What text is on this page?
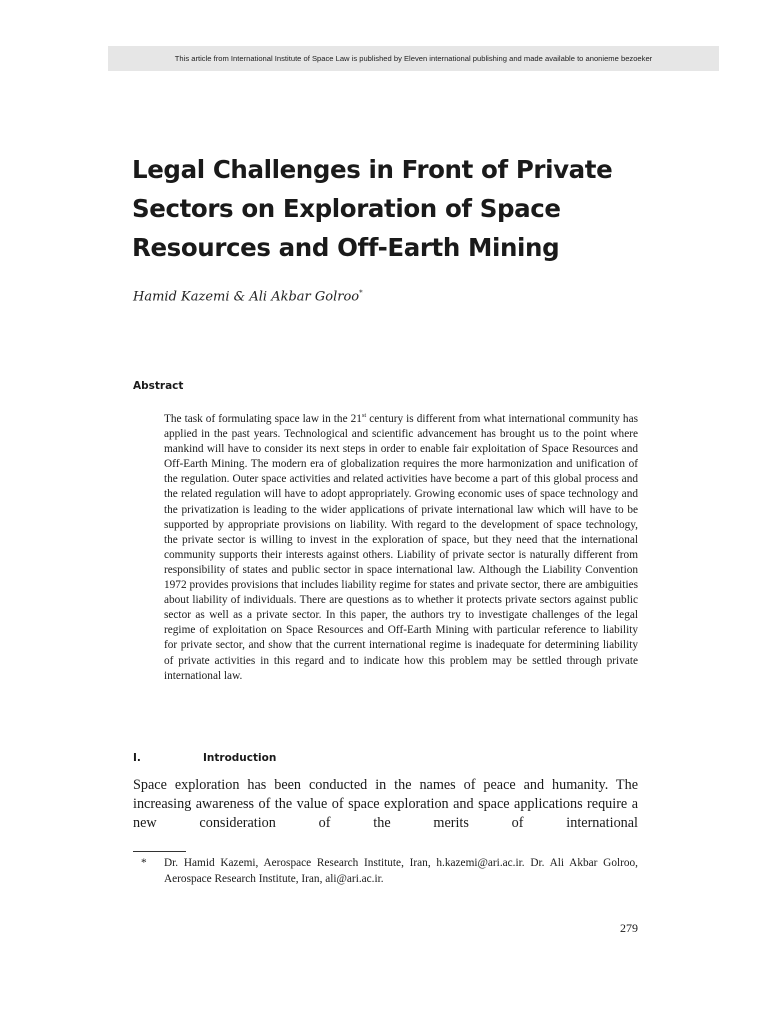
This article from International Institute of Space Law is published by Eleven international publishing and made available to anonieme bezoeker
Legal Challenges in Front of Private
Sectors on Exploration of Space
Resources and Off-Earth Mining
Hamid Kazemi & Ali Akbar Golroo*
Abstract

The task of formulating space law in the 21st century is different from what international community has applied in the past years. Technological and scientific advancement has brought us to the point where mankind will have to consider its next steps in order to enable fair exploitation of Space Resources and Off-Earth Mining. The modern era of globalization requires the more harmonization and unification of the regulation. Outer space activities and related activities have become a part of this global process and the related regulation will have to adopt appropriately. Growing economic uses of space technology and the privatization is leading to the wider applications of private international law which will have to be supported by appropriate provisions on liability. With regard to the development of space technology, the private sector is willing to invest in the exploration of space, but they need that the international community supports their interests against others. Liability of private sector is naturally different from responsibility of states and public sector in space international law. Although the Liability Convention 1972 provides provisions that includes liability regime for states and private sector, there are ambiguities about liability of individuals. There are questions as to whether it protects private sectors against public sector as well as a private sector. In this paper, the authors try to investigate challenges of the legal regime of exploitation on Space Resources and Off-Earth Mining with particular reference to liability for private sector, and show that the current international regime is inadequate for determining liability of private activities in this regard and to indicate how this problem may be settled through private international law.

I.	Introduction

Space exploration has been conducted in the names of peace and humanity. The increasing awareness of the value of space exploration and space applications require a new consideration of the merits of international

* Dr. Hamid Kazemi, Aerospace Research Institute, Iran, h.kazemi@ari.ac.ir. Dr. Ali Akbar Golroo, Aerospace Research Institute, Iran, ali@ari.ac.ir.

279
